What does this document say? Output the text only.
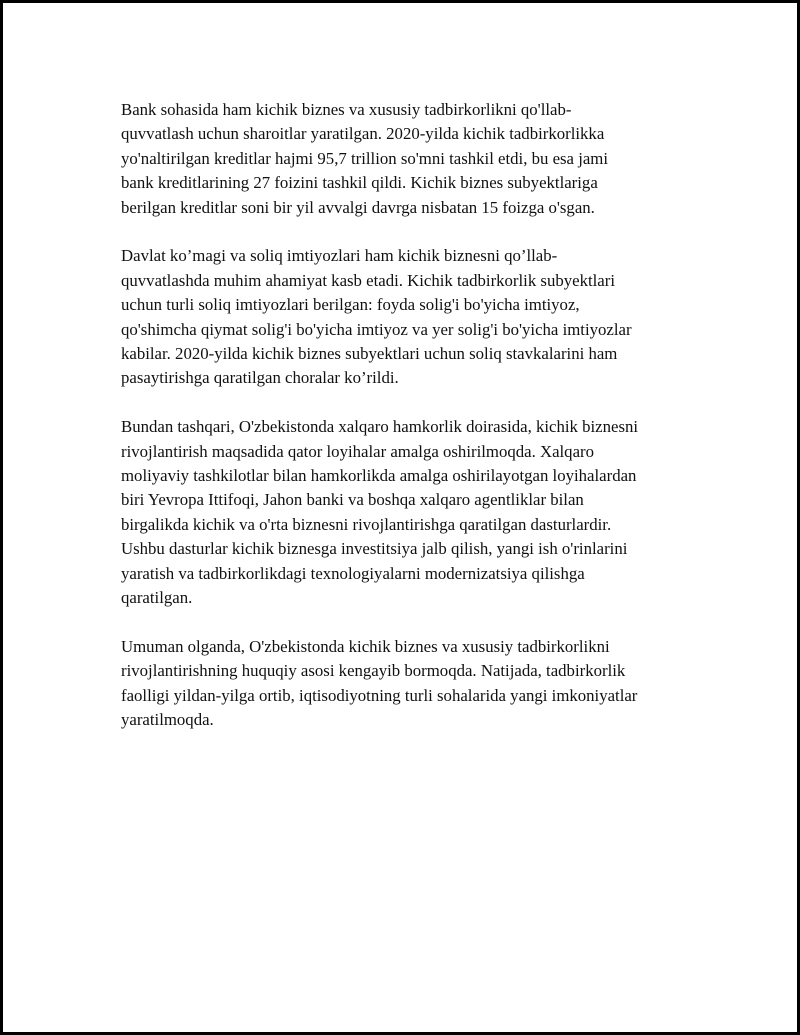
Bank sohasida ham kichik biznes va xususiy tadbirkorlikni qo'llab-
quvvatlash uchun sharoitlar yaratilgan. 2020-yilda kichik tadbirkorlikka
yo'naltirilgan kreditlar hajmi 95,7 trillion so'mni tashkil etdi, bu esa jami
bank kreditlarining 27 foizini tashkil qildi. Kichik biznes subyektlariga
berilgan kreditlar soni bir yil avvalgi davrga nisbatan 15 foizga o'sgan.

Davlat ko’magi va soliq imtiyozlari ham kichik biznesni qo’llab-
quvvatlashda muhim ahamiyat kasb etadi. Kichik tadbirkorlik subyektlari
uchun turli soliq imtiyozlari berilgan: foyda solig'i bo'yicha imtiyoz,
qo'shimcha qiymat solig'i bo'yicha imtiyoz va yer solig'i bo'yicha imtiyozlar
kabilar. 2020-yilda kichik biznes subyektlari uchun soliq stavkalarini ham
pasaytirishga qaratilgan choralar ko’rildi.

Bundan tashqari, O'zbekistonda xalqaro hamkorlik doirasida, kichik biznesni
rivojlantirish maqsadida qator loyihalar amalga oshirilmoqda. Xalqaro
moliyaviy tashkilotlar bilan hamkorlikda amalga oshirilayotgan loyihalardan
biri Yevropa Ittifoqi, Jahon banki va boshqa xalqaro agentliklar bilan
birgalikda kichik va o'rta biznesni rivojlantirishga qaratilgan dasturlardir.
Ushbu dasturlar kichik biznesga investitsiya jalb qilish, yangi ish o'rinlarini
yaratish va tadbirkorlikdagi texnologiyalarni modernizatsiya qilishga
qaratilgan.

Umuman olganda, O'zbekistonda kichik biznes va xususiy tadbirkorlikni
rivojlantirishning huquqiy asosi kengayib bormoqda. Natijada, tadbirkorlik
faolligi yildan-yilga ortib, iqtisodiyotning turli sohalarida yangi imkoniyatlar
yaratilmoqda.
